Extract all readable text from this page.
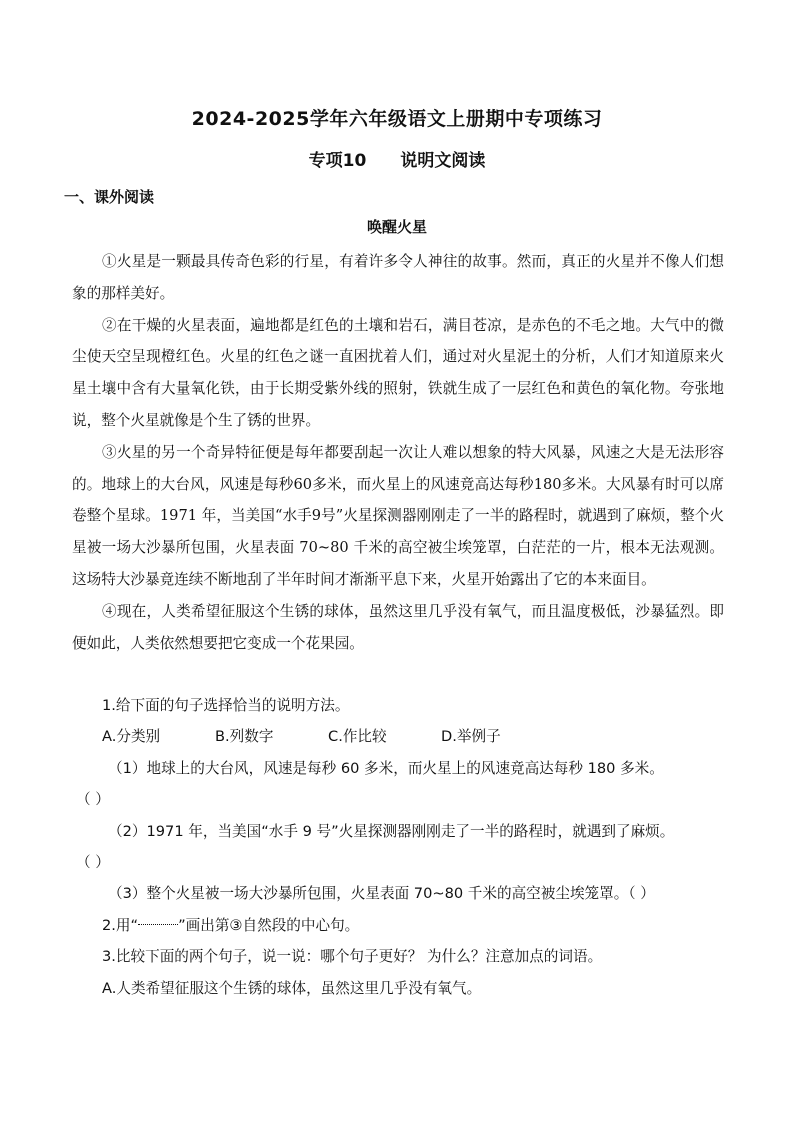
2024-2025学年六年级语文上册期中专项练习
专项10 说明文阅读
一、课外阅读
唤醒火星

①火星是一颗最具传奇色彩的行星，有着许多令人神往的故事。然而，真正的火星并不像人们想象的那样美好。

②在干燥的火星表面，遍地都是红色的土壤和岩石，满目苍凉，是赤色的不毛之地。大气中的微尘使天空呈现橙红色。火星的红色之谜一直困扰着人们，通过对火星泥土的分析，人们才知道原来火星土壤中含有大量氧化铁，由于长期受紫外线的照射，铁就生成了一层红色和黄色的氧化物。夸张地说，整个火星就像是个生了锈的世界。

③火星的另一个奇异特征便是每年都要刮起一次让人难以想象的特大风暴，风速之大是无法形容的。地球上的大台风，风速是每秒60多米，而火星上的风速竟高达每秒180多米。大风暴有时可以席卷整个星球。1971 年，当美国“水手9号”火星探测器刚刚走了一半的路程时，就遇到了麻烦，整个火星被一场大沙暴所包围，火星表面 70~80 千米的高空被尘埃笼罩，白茫茫的一片，根本无法观测。这场特大沙暴竟连续不断地刮了半年时间才渐渐平息下来，火星开始露出了它的本来面目。

④现在，人类希望征服这个生锈的球体，虽然这里几乎没有氧气，而且温度极低，沙暴猛烈。即便如此，人类依然想要把它变成一个花果园。

1.给下面的句子选择恰当的说明方法。
A.分类别	B.列数字	C.作比较	D.举例子
（1）地球上的大台风，风速是每秒 60 多米，而火星上的风速竟高达每秒 180 多米。
（ ）
（2）1971 年，当美国“水手 9 号”火星探测器刚刚走了一半的路程时，就遇到了麻烦。
（ ）
（3）整个火星被一场大沙暴所包围，火星表面 70~80 千米的高空被尘埃笼罩。（ ）
2.用“	”画出第③自然段的中心句。
3.比较下面的两个句子，说一说：哪个句子更好？ 为什么？注意加点的词语。
A.人类希望征服这个生锈的球体，虽然这里几乎没有氧气。
